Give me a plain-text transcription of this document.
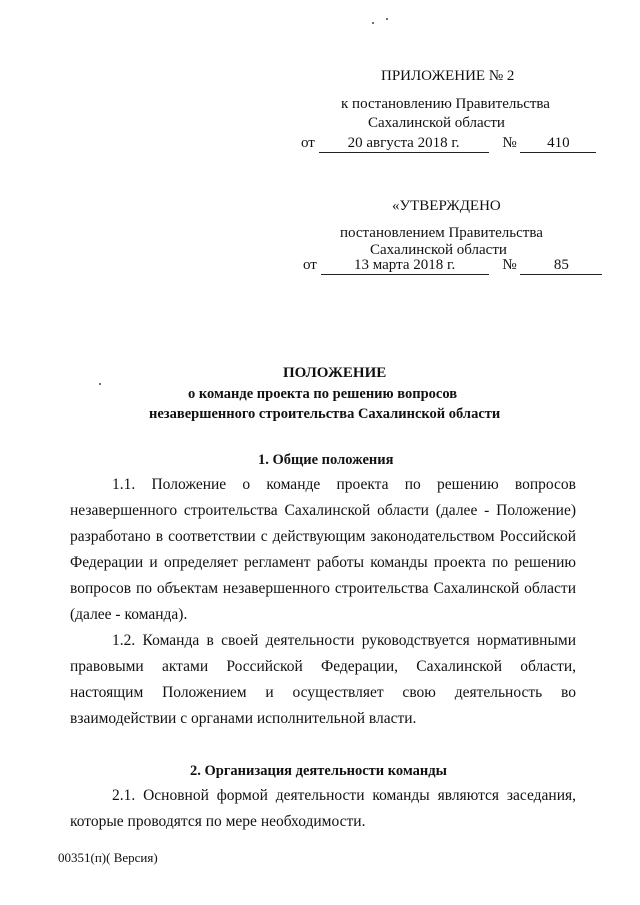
ПРИЛОЖЕНИЕ № 2
к постановлению Правительства
Сахалинской области
от 20 августа 2018 г.	№ 410
«УТВЕРЖДЕНО
постановлением Правительства
Сахалинской области
от 13 марта 2018 г.	№ 85
ПОЛОЖЕНИЕ
о команде проекта по решению вопросов
незавершенного строительства Сахалинской области
1. Общие положения
1.1. Положение о команде проекта по решению вопросов незавершенного строительства Сахалинской области (далее - Положение) разработано в соответствии с действующим законодательством Российской Федерации и определяет регламент работы команды проекта по решению вопросов по объектам незавершенного строительства Сахалинской области (далее - команда).
1.2. Команда в своей деятельности руководствуется нормативными правовыми актами Российской Федерации, Сахалинской области, настоящим Положением и осуществляет свою деятельность во взаимодействии с органами исполнительной власти.
2. Организация деятельности команды
2.1. Основной формой деятельности команды являются заседания, которые проводятся по мере необходимости.
00351(п)( Версия)
